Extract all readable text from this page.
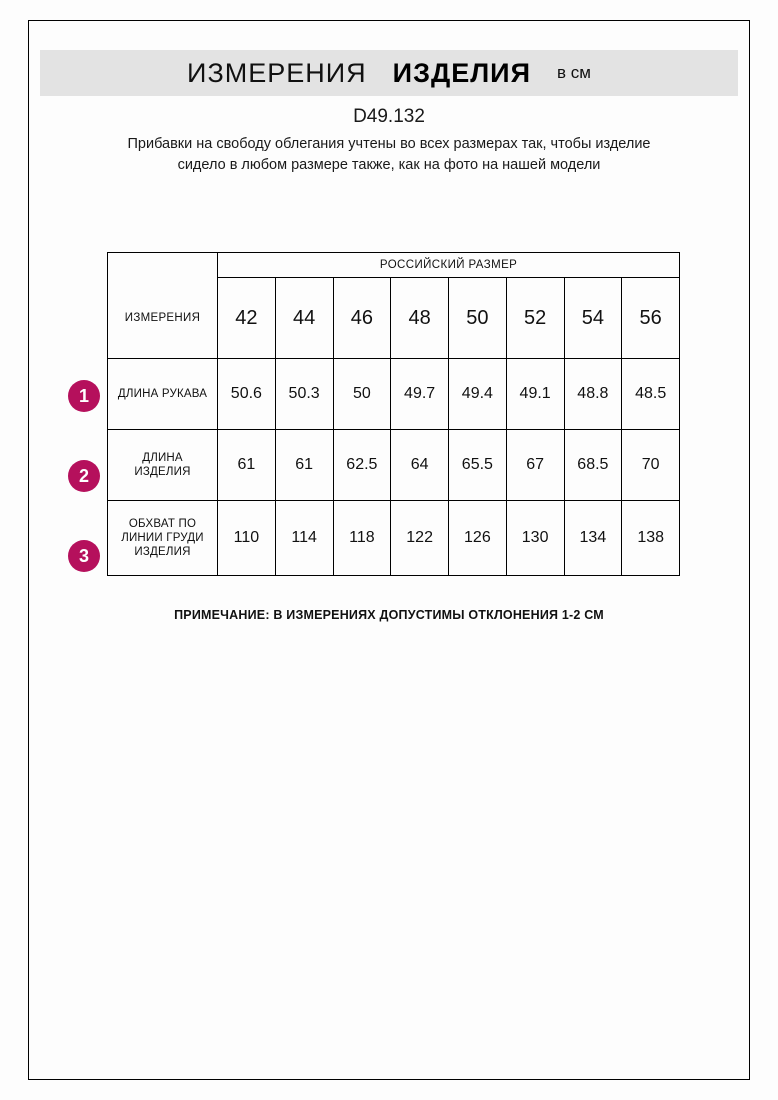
ИЗМЕРЕНИЯ ИЗДЕЛИЯ в см
D49.132
Прибавки на свободу облегания учтены во всех размерах так, чтобы изделие сидело в любом размере также, как на фото на нашей модели
	РОССИЙСКИЙ РАЗМЕР							
ИЗМЕРЕНИЯ	42	44	46	48	50	52	54	56
ДЛИНА РУКАВА	50.6	50.3	50	49.7	49.4	49.1	48.8	48.5
ДЛИНА ИЗДЕЛИЯ	61	61	62.5	64	65.5	67	68.5	70
ОБХВАТ ПО ЛИНИИ ГРУДИ ИЗДЕЛИЯ	110	114	118	122	126	130	134	138
1
2
3
ПРИМЕЧАНИЕ: В ИЗМЕРЕНИЯХ ДОПУСТИМЫ ОТКЛОНЕНИЯ 1-2 СМ
